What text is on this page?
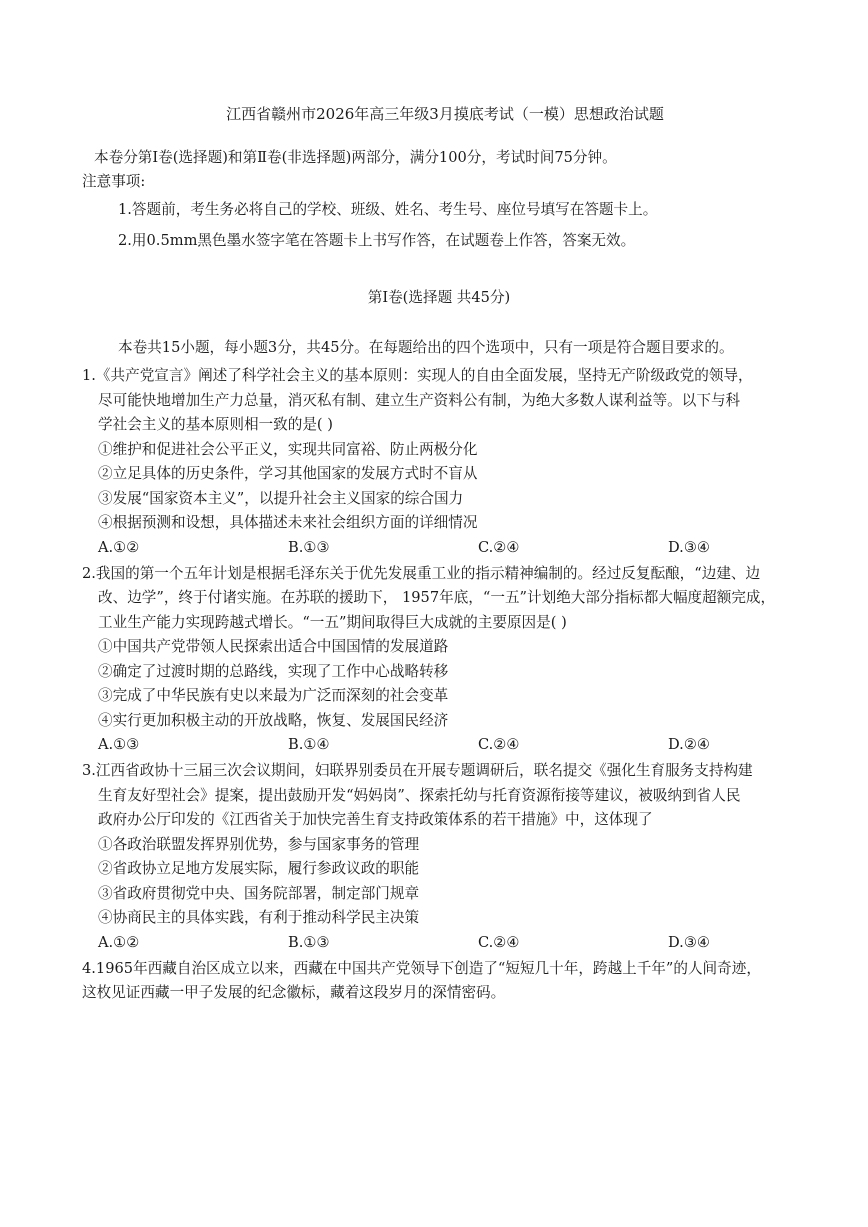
江西省赣州市2026年高三年级3月摸底考试（一模）思想政治试题
本卷分第Ⅰ卷(选择题)和第Ⅱ卷(非选择题)两部分，满分100分，考试时间75分钟。
注意事项:
1.答题前，考生务必将自己的学校、班级、姓名、考生号、座位号填写在答题卡上。
2.用0.5mm黑色墨水签字笔在答题卡上书写作答，在试题卷上作答，答案无效。
第Ⅰ卷(选择题 共45分)
本卷共15小题，每小题3分，共45分。在每题给出的四个选项中，只有一项是符合题目要求的。
1.《共产党宣言》阐述了科学社会主义的基本原则：实现人的自由全面发展，坚持无产阶级政党的领导，
尽可能快地增加生产力总量，消灭私有制、建立生产资料公有制，为绝大多数人谋利益等。以下与科
学社会主义的基本原则相一致的是( )
①维护和促进社会公平正义，实现共同富裕、防止两极分化
②立足具体的历史条件，学习其他国家的发展方式时不盲从
③发展“国家资本主义”，以提升社会主义国家的综合国力
④根据预测和设想，具体描述未来社会组织方面的详细情况
A.①②	B.①③	C.②④	D.③④
2.我国的第一个五年计划是根据毛泽东关于优先发展重工业的指示精神编制的。经过反复酝酿，“边建、边
改、边学”，终于付诸实施。在苏联的援助下， 1957年底，“一五”计划绝大部分指标都大幅度超额完成，
工业生产能力实现跨越式增长。“一五”期间取得巨大成就的主要原因是( )
①中国共产党带领人民探索出适合中国国情的发展道路
②确定了过渡时期的总路线，实现了工作中心战略转移
③完成了中华民族有史以来最为广泛而深刻的社会变革
④实行更加积极主动的开放战略，恢复、发展国民经济
A.①③	B.①④	C.②④	D.②④
3.江西省政协十三届三次会议期间，妇联界别委员在开展专题调研后，联名提交《强化生育服务支持构建
生育友好型社会》提案，提出鼓励开发“妈妈岗”、探索托幼与托育资源衔接等建议，被吸纳到省人民
政府办公厅印发的《江西省关于加快完善生育支持政策体系的若干措施》中，这体现了
①各政治联盟发挥界别优势，参与国家事务的管理
②省政协立足地方发展实际，履行参政议政的职能
③省政府贯彻党中央、国务院部署，制定部门规章
④协商民主的具体实践，有利于推动科学民主决策
A.①②	B.①③	C.②④	D.③④
4.1965年西藏自治区成立以来，西藏在中国共产党领导下创造了“短短几十年，跨越上千年”的人间奇迹，
这枚见证西藏一甲子发展的纪念徽标，藏着这段岁月的深情密码。
